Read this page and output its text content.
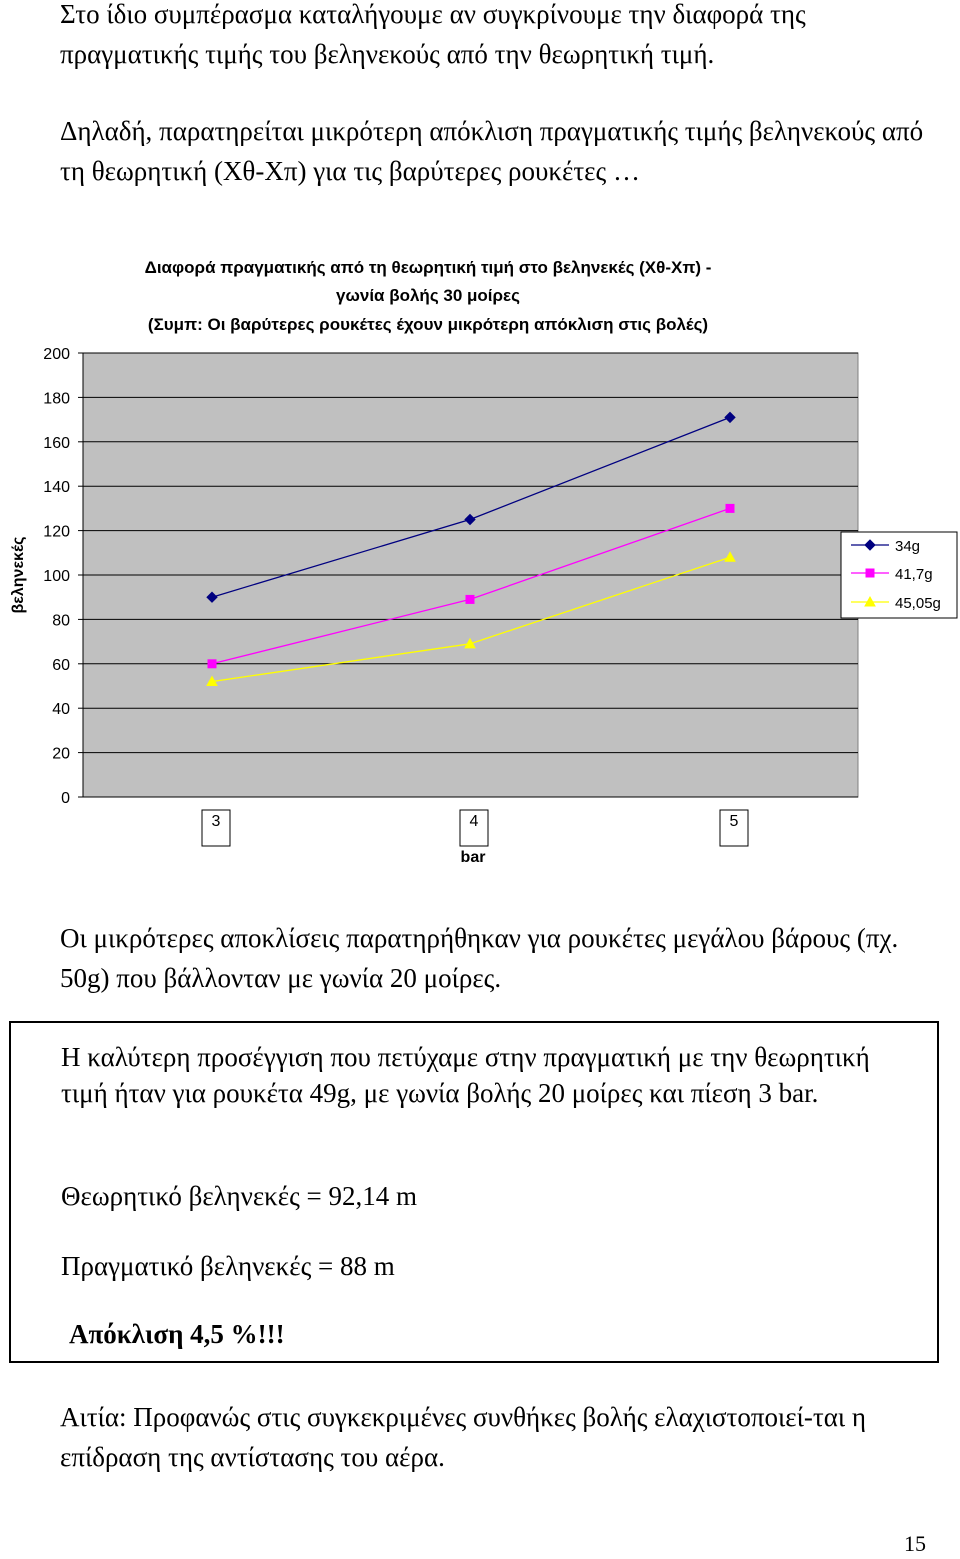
Στο ίδιο συμπέρασμα καταλήγουμε αν συγκρίνουμε την διαφορά της πραγματικής τιμής του βεληνεκούς από την θεωρητική τιμή.

Δηλαδή, παρατηρείται μικρότερη απόκλιση πραγματικής τιμής βεληνεκούς από τη θεωρητική (Χθ-Χπ) για τις βαρύτερες ρουκέτες …

Διαφορά πραγματικής από τη θεωρητική τιμή στο βεληνεκές (Χθ-Χπ) -
γωνία βολής 30 μοίρες
(Συμπ: Οι βαρύτερες ρουκέτες έχουν μικρότερη απόκλιση στις βολές)
0
20
40
60
80
100
120
140
160
180
200
3	4	5
bar
βεληνεκές	34g
41,7g
45,05g

Οι μικρότερες αποκλίσεις παρατηρήθηκαν για ρουκέτες μεγάλου βάρους (πχ. 50g) που βάλλονταν με γωνία 20 μοίρες.

Η καλύτερη προσέγγιση που πετύχαμε στην πραγματική με την θεωρητική τιμή ήταν για ρουκέτα 49g, με γωνία βολής 20 μοίρες και πίεση 3 bar.

Θεωρητικό βεληνεκές = 92,14 m

Πραγματικό βεληνεκές = 88 m

Απόκλιση 4,5 %!!!

Αιτία: Προφανώς στις συγκεκριμένες συνθήκες βολής ελαχιστοποιεί-ται η επίδραση της αντίστασης του αέρα.

15
